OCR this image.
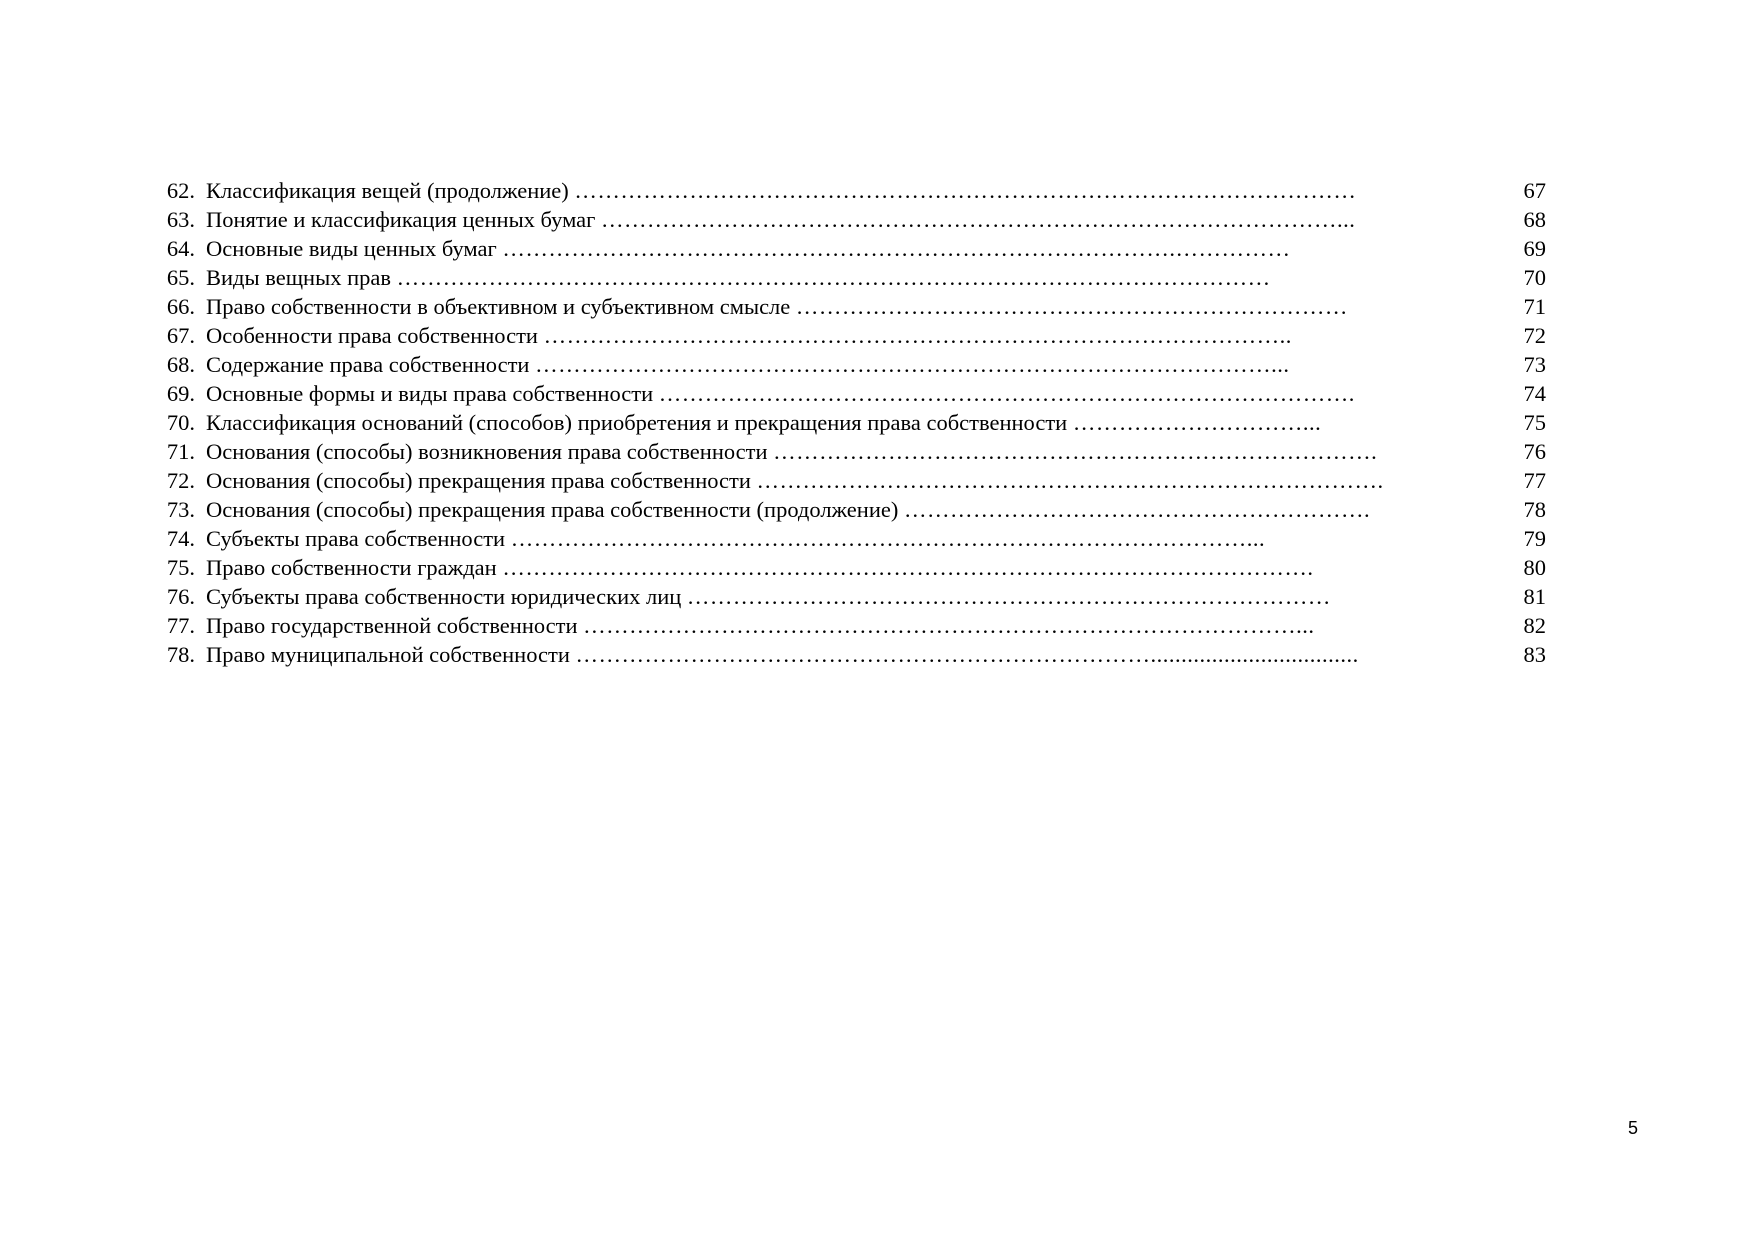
62. Классификация вещей (продолжение) …………………………………………………………………………………………	67
63. Понятие и классификация ценных бумаг ……………………………………………………………………………………...	68
64. Основные виды ценных бумаг …………………………………………………………………………….……………	69
65. Виды вещных прав ……………………………………………………………………………………………………	70
66. Право собственности в объективном и субъективном смысле ………………………………………………………………	71
67. Особенности права собственности ……………………………………………………………………………………..	72
68. Содержание права собственности ……………………………………………………………………………………...	73
69. Основные формы и виды права собственности ……………………………………………………………………………….	74
70. Классификация оснований (способов) приобретения и прекращения права собственности …………………………...	75
71. Основания (способы) возникновения права собственности …………………………………………………………………….	76
72. Основания (способы) прекращения права собственности ……………………………………………………………………….	77
73. Основания (способы) прекращения права собственности (продолжение) …………………………………………………….	78
74. Субъекты права собственности ……………………………………………………………………………………...	79
75. Право собственности граждан …………………………………………………………………………………………….	80
76. Субъекты права собственности юридических лиц …………………………………………………………………………	81
77. Право государственной собственности …………………………………………………………………………………...	82
78. Право муниципальной собственности …………………………………………………………………..................................	83
5
